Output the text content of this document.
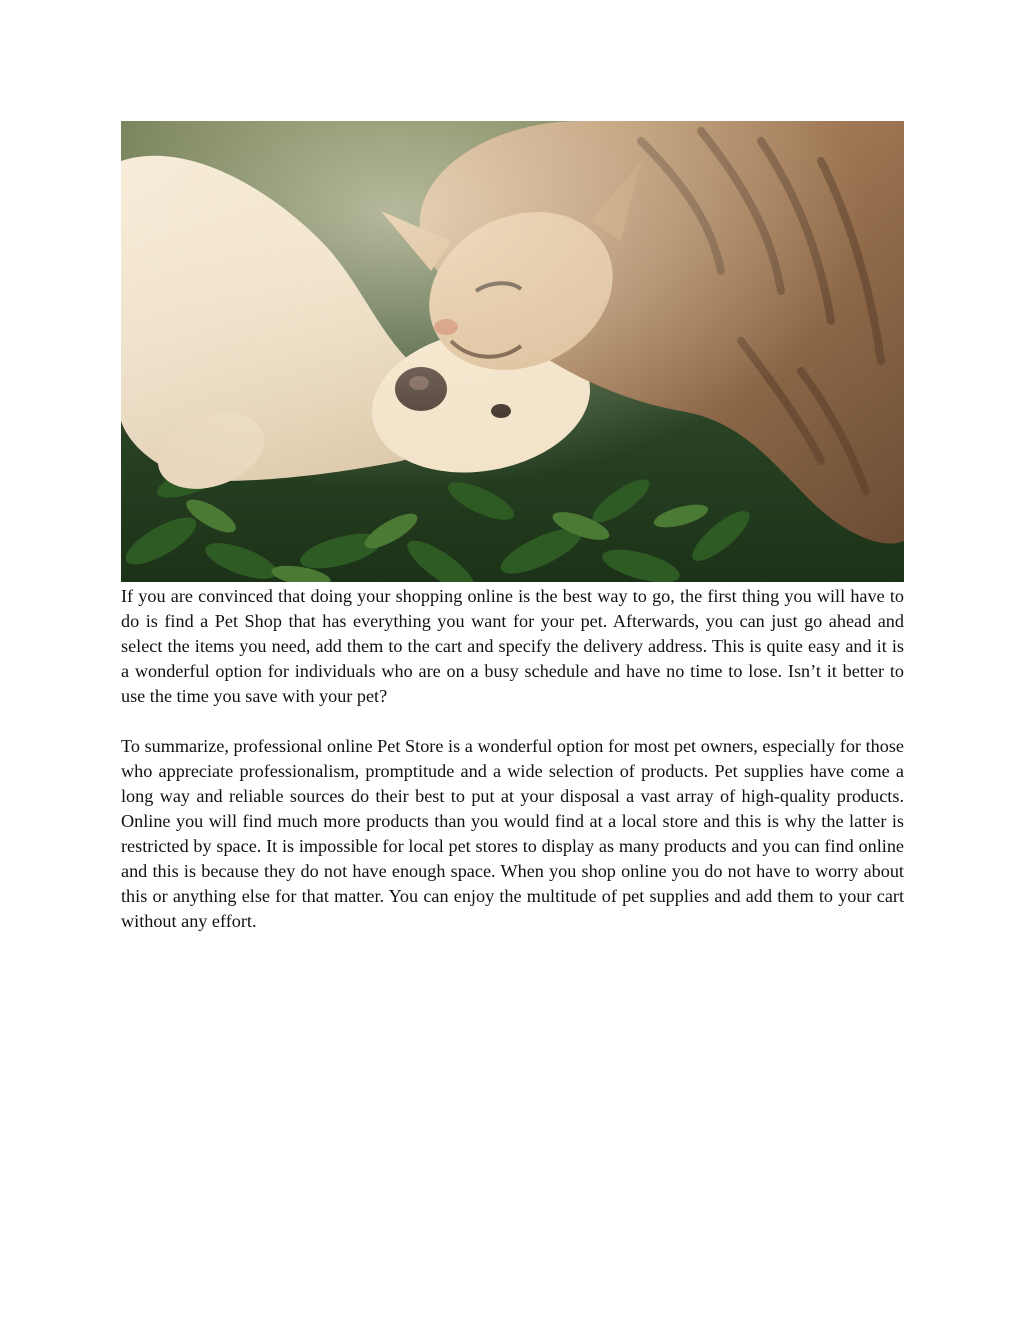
If you are convinced that doing your shopping online is the best way to go, the first thing you will have to do is find a Pet Shop that has everything you want for your pet. Afterwards, you can just go ahead and select the items you need, add them to the cart and specify the delivery address. This is quite easy and it is a wonderful option for individuals who are on a busy schedule and have no time to lose. Isn’t it better to use the time you save with your pet?

To summarize, professional online Pet Store is a wonderful option for most pet owners, especially for those who appreciate professionalism, promptitude and a wide selection of products. Pet supplies have come a long way and reliable sources do their best to put at your disposal a vast array of high-quality products. Online you will find much more products than you would find at a local store and this is why the latter is restricted by space. It is impossible for local pet stores to display as many products and you can find online and this is because they do not have enough space. When you shop online you do not have to worry about this or anything else for that matter. You can enjoy the multitude of pet supplies and add them to your cart without any effort.
